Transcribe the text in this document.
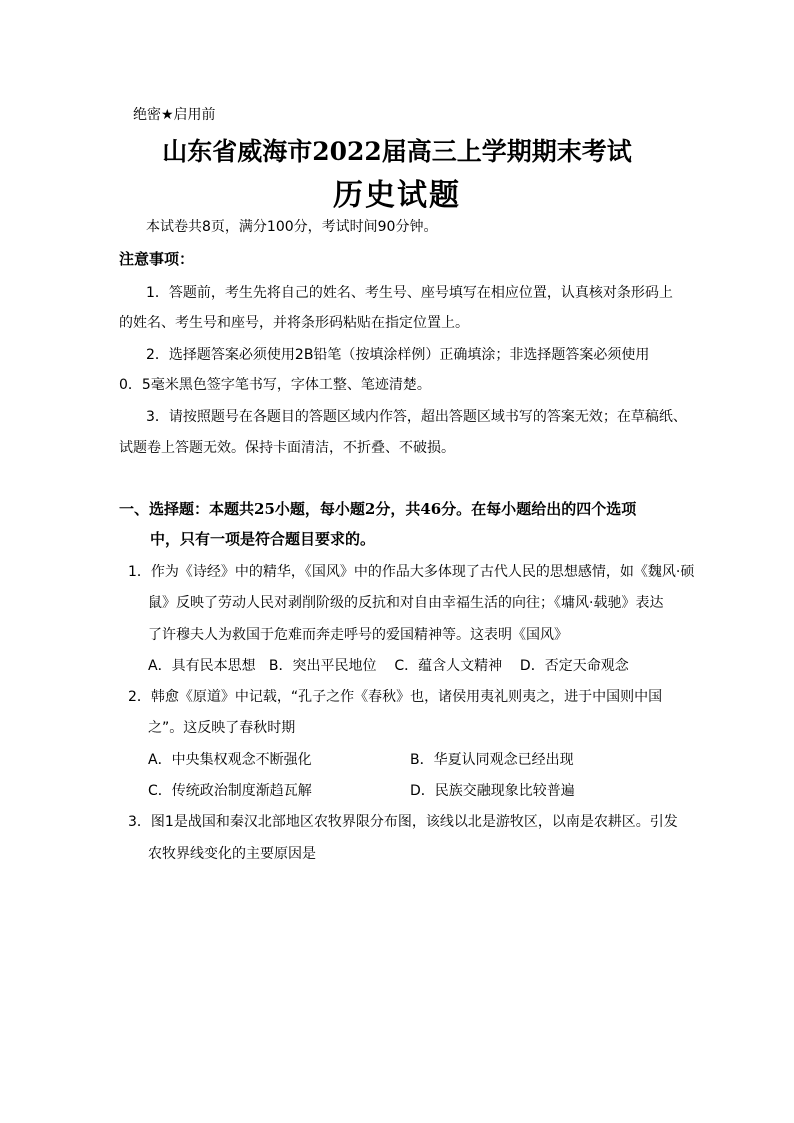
绝密★启用前
山东省威海市2022届高三上学期期末考试
历史试题
本试卷共8页，满分100分，考试时间90分钟。
注意事项：
1．答题前，考生先将自己的姓名、考生号、座号填写在相应位置，认真核对条形码上
的姓名、考生号和座号，并将条形码粘贴在指定位置上。
2．选择题答案必须使用2B铅笔（按填涂样例）正确填涂；非选择题答案必须使用
0．5毫米黑色签字笔书写，字体工整、笔迹清楚。
3．请按照题号在各题目的答题区域内作答，超出答题区域书写的答案无效；在草稿纸、
试题卷上答题无效。保持卡面清洁，不折叠、不破损。
一、选择题：本题共25小题，每小题2分，共46分。在每小题给出的四个选项
中，只有一项是符合题目要求的。
1．作为《诗经》中的精华，《国风》中的作品大多体现了古代人民的思想感情，如《魏风·硕
鼠》反映了劳动人民对剥削阶级的反抗和对自由幸福生活的向往；《墉风·载驰》表达
了许穆夫人为救国于危难而奔走呼号的爱国精神等。这表明《国风》
A．具有民本思想   B．突出平民地位    C．蕴含人文精神    D．否定天命观念
2．韩愈《原道》中记载，“孔子之作《春秋》也，诸侯用夷礼则夷之，进于中国则中国
之”。这反映了春秋时期
A．中央集权观念不断强化	B．华夏认同观念已经出现
C．传统政治制度渐趋瓦解	D．民族交融现象比较普遍
3．图1是战国和秦汉北部地区农牧界限分布图，该线以北是游牧区，以南是农耕区。引发
农牧界线变化的主要原因是
